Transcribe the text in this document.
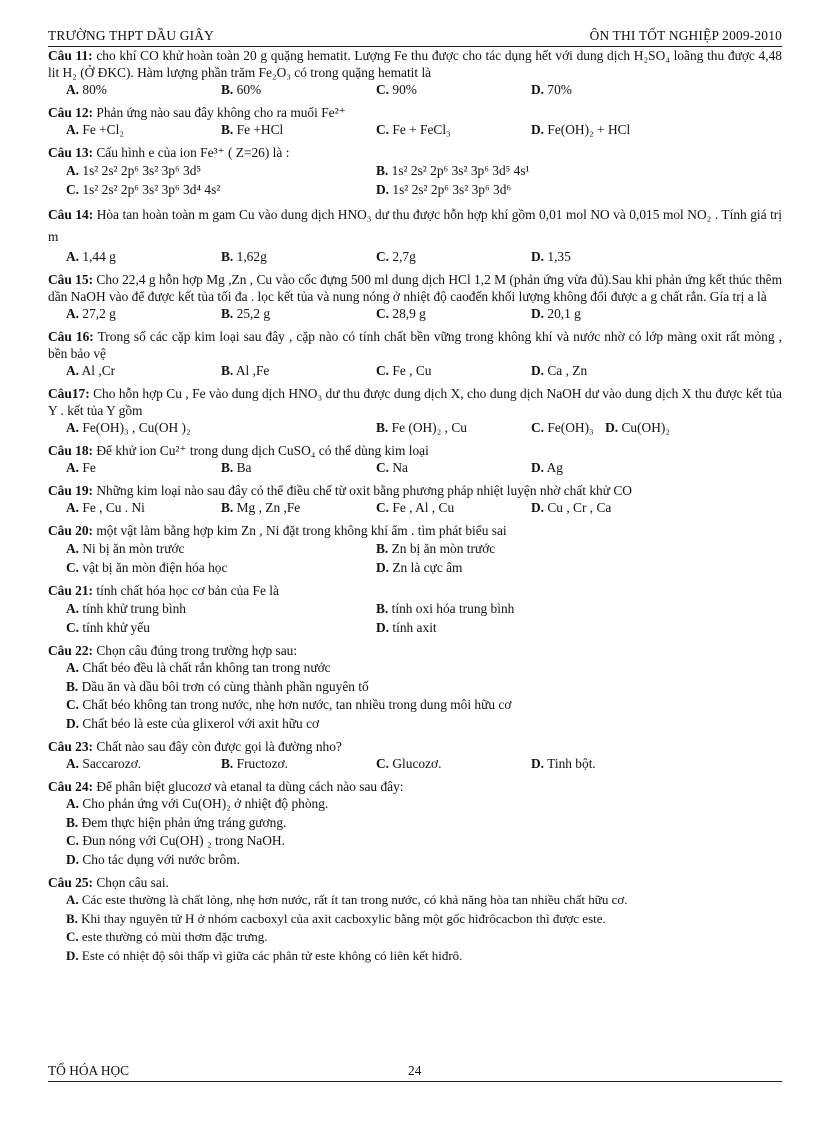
TRƯỜNG THPT DẦU GIÂY	ÔN THI TỐT NGHIỆP 2009-2010
Câu 11: cho khí CO khử hoàn toàn 20 g quặng hematit. Lượng Fe thu được cho tác dụng hết với dung dịch H₂SO₄ loãng thu được 4,48 lit H₂ (Ở ĐKC). Hàm lượng phần trăm Fe₂O₃ có trong quặng hematit là
A. 80%	B. 60%	C. 90%	D. 70%
Câu 12: Phản ứng nào sau đây không cho ra muối Fe²⁺
A. Fe +Cl₂	B. Fe +HCl	C. Fe + FeCl₃	D. Fe(OH)₂ + HCl
Câu 13: Cấu hình e của ion Fe³⁺ ( Z=26) là :
A. 1s² 2s² 2p⁶ 3s² 3p⁶ 3d⁵	B. 1s² 2s² 2p⁶ 3s² 3p⁶ 3d⁵ 4s¹
C. 1s² 2s² 2p⁶ 3s² 3p⁶ 3d⁴ 4s²	D. 1s² 2s² 2p⁶ 3s² 3p⁶ 3d⁶
Câu 14: Hòa tan hoàn toàn m gam Cu vào dung dịch HNO₃ dư thu được hỗn hợp khí gồm 0,01 mol NO và 0,015 mol NO₂ . Tính giá trị m
A. 1,44 g	B. 1,62g	C. 2,7g	D. 1,35
Câu 15: Cho 22,4 g hỗn hợp Mg ,Zn , Cu vào cốc đựng 500 ml dung dịch HCl 1,2 M (phản ứng vừa đủ).Sau khi phản ứng kết thúc thêm dần NaOH vào để được kết tủa tối đa . lọc kết tủa và nung nóng ở nhiệt độ caođến khối lượng không đổi được a g chất rắn. Gía trị a là
A. 27,2 g	B. 25,2 g	C. 28,9 g	D. 20,1 g
Câu 16: Trong số các cặp kim loại sau đây , cặp nào có tính chất bền vững trong không khí và nước nhờ có lớp màng oxit rất mỏng , bền bảo vệ
A. Al ,Cr	B. Al ,Fe	C. Fe , Cu	D. Ca , Zn
Câu17: Cho hỗn hợp Cu , Fe vào dung dịch HNO₃ dư thu được dung dịch X, cho dung dịch NaOH dư vào dung dịch X thu được kết tủa Y . kết tủa Y gồm
A. Fe(OH)₃ , Cu(OH )₂	B. Fe (OH)₂ , Cu	C. Fe(OH)₃ D. Cu(OH)₂
Câu 18: Để khử ion Cu²⁺ trong dung dịch CuSO₄ có thể dùng kim loại
A. Fe	B. Ba	C. Na	D. Ag
Câu 19: Những kim loại nào sau đây có thể điều chế từ oxit bằng phương pháp nhiệt luyện nhờ chất khử CO
A. Fe , Cu . Ni	B. Mg , Zn ,Fe	C. Fe , Al , Cu	D. Cu , Cr , Ca
Câu 20: một vật làm bằng hợp kim Zn , Ni đặt trong không khí ẩm . tìm phát biểu sai
A. Ni bị ăn mòn trước	B. Zn bị ăn mòn trước
C. vật bị ăn mòn điện hóa học	D. Zn là cực âm
Câu 21: tính chất hóa học cơ bản của Fe là
A. tính khử trung bình	B. tính oxi hóa trung bình
C. tính khử yếu	D. tính axit
Câu 22: Chọn câu đúng trong trường hợp sau:
A. Chất béo đều là chất rắn không tan trong nước
B. Dầu ăn và dầu bôi trơn có cùng thành phần nguyên tố
C. Chất béo không tan trong nước, nhẹ hơn nước, tan nhiều trong dung môi hữu cơ
D. Chất béo là este của glixerol với axit hữu cơ
Câu 23: Chất nào sau đây còn được gọi là đường nho?
A. Saccarozơ.	B. Fructozơ.	C. Glucozơ.	D. Tinh bột.
Câu 24: Để phân biệt glucozơ và etanal ta dùng cách nào sau đây:
A. Cho phản ứng với Cu(OH)₂ ở nhiệt độ phòng.
B. Đem thực hiện phản ứng tráng gương.
C. Đun nóng với Cu(OH) ₂ trong NaOH.
D. Cho tác dụng với nước brôm.
Câu 25: Chọn câu sai.
A. Các este thường là chất lỏng, nhẹ hơn nước, rất ít tan trong nước, có khả năng hòa tan nhiều chất hữu cơ.
B. Khi thay nguyên tử H ở nhóm cacboxyl của axit cacboxylic bằng một gốc hiđrôcacbon thì được este.
C. este thường có mùi thơm đặc trưng.
D. Este có nhiệt độ sôi thấp vì giữa các phân tử este không có liên kết hiđrô.
TỔ HÓA HỌC	24
